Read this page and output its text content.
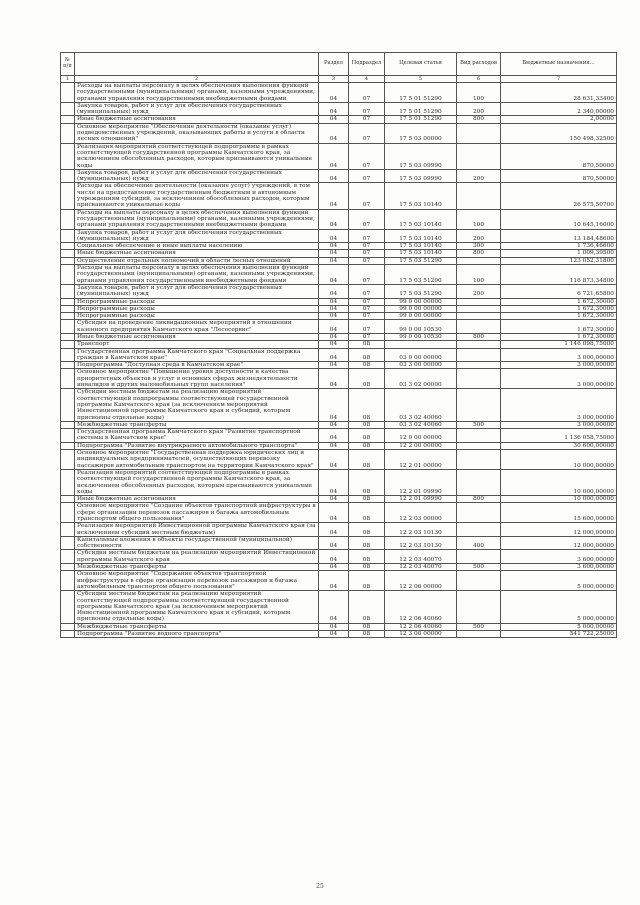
№ п/п		Раздел	Подраздел	Целевая статья	Вид расходов	Бюджетные назначения…
1	2	3	4	5	6	7
	Расходы на выплаты персоналу в целях обеспечения выполнения функций государственными (муниципальными) органами, казенными учреждениями, органами управления государственными внебюджетными фондами	04	07	17 5 01 51290	100	28 631,33400
	Закупка товаров, работ и услуг для обеспечения государственных (муниципальных) нужд	04	07	17 5 01 51290	200	2 340,00000
	Иные бюджетные ассигнования	04	07	17 5 01 51290	800	2,00000
	Основное мероприятие "Обеспечение деятельности (оказание услуг) подведомственных учреждений, оказывающих работы и услуги в области лесных отношений"	04	07	17 5 03 00000		150 498,32500
	Реализация мероприятий соответствующей подпрограммы в рамках соответствующей государственной программы Камчатского края, за исключением обособленных расходов, которым присваиваются уникальные коды	04	07	17 5 03 09990		870,50000
	Закупка товаров, работ и услуг для обеспечения государственных (муниципальных) нужд	04	07	17 5 03 09990	200	870,50000
	Расходы на обеспечение деятельности (оказание услуг) учреждений, в том числе на предоставление государственным бюджетным и автономным учреждениям субсидий, за исключением обособленных расходов, которым присваиваются уникальные коды	04	07	17 5 03 10140		26 575,50700
	Расходы на выплаты персоналу в целях обеспечения выполнения функций государственными (муниципальными) органами, казенными учреждениями, органами управления государственными внебюджетными фондами	04	07	17 5 03 10140	100	10 645,16000
	Закупка товаров, работ и услуг для обеспечения государственных (муниципальных) нужд	04	07	17 5 03 10140	200	13 184,48600
	Социальное обеспечение и иные выплаты населению	04	07	17 5 03 10140	300	1 736,46600
	Иные бюджетные ассигнования	04	07	17 5 03 10140	800	1 009,39500
	Осуществление отдельных полномочий в области лесных отношений	04	07	17 5 03 51290		123 052,31800
	Расходы на выплаты персоналу в целях обеспечения выполнения функций государственными (муниципальными) органами, казенными учреждениями, органами управления государственными внебюджетными фондами	04	07	17 5 03 51290	100	116 873,34800
	Закупка товаров, работ и услуг для обеспечения государственных (муниципальных) нужд	04	07	17 5 03 51290	200	6 721,65800
	Непрограммные расходы	04	07	99 0 00 00000		1 672,30000
	Непрограммные расходы	04	07	99 0 00 00000		1 672,30000
	Непрограммные расходы	04	07	99 0 00 00000		1 672,30000
	Субсидия на проведение ликвидационных мероприятий в отношении казенного предприятия Камчатского края "Лесосервис"	04	07	99 0 00 10530		1 672,30000
	Иные бюджетные ассигнования	04	07	99 0 00 10530	800	1 672,30000
	Транспорт	04	08			1 146 098,75000
	Государственная программа Камчатского края "Социальная поддержка граждан в Камчатском крае"	04	08	03 0 00 00000		3 000,00000
	Подпрограмма "Доступная среда в Камчатском крае"	04	08	03 3 00 00000		3 000,00000
	Основное мероприятие "Повышение уровня доступности и качества приоритетных объектов и услуг в основных сферах жизнедеятельности инвалидов и других маломобильных групп населения"	04	08	03 3 02 00000		3 000,00000
	Субсидии местным бюджетам на реализацию мероприятий соответствующей подпрограммы соответствующей государственной программы Камчатского края (за исключением мероприятий Инвестиционной программы Камчатского края и субсидий, которым присвоены отдельные коды)	04	08	03 3 02 40060		3 000,00000
	Межбюджетные трансферты	04	08	03 3 02 40060	500	3 000,00000
	Государственная программа Камчатского края "Развитие транспортной системы в Камчатском крае"	04	08	12 0 00 00000		1 136 058,75000
	Подпрограмма "Развитие внутрикраевого автомобильного транспорта"	04	08	12 2 00 00000		30 600,00000
	Основное мероприятие "Государственная поддержка юридических лиц и индивидуальных предпринимателей, осуществляющих перевозку пассажиров автомобильным транспортом на территории Камчатского края"	04	08	12 2 01 00000		10 000,00000
	Реализация мероприятий соответствующей подпрограммы в рамках соответствующей государственной программы Камчатского края, за исключением обособленных расходов, которым присваиваются уникальные коды	04	08	12 2 01 09990		10 000,00000
	Иные бюджетные ассигнования	04	08	12 2 01 09990	800	10 000,00000
	Основное мероприятие "Создание объектов транспортной инфраструктуры в сфере организации перевозок пассажиров и багажа автомобильным транспортом общего пользования"	04	08	12 2 03 00000		15 600,00000
	Реализация мероприятий Инвестиционной программы Камчатского края (за исключением субсидий местным бюджетам)	04	08	12 2 03 10130		12 000,00000
	Капитальные вложения в объекты государственной (муниципальной) собственности	04	08	12 2 03 10130	400	12 000,00000
	Субсидии местным бюджетам на реализацию мероприятий Инвестиционной программы Камчатского края	04	08	12 2 03 40070		3 600,00000
	Межбюджетные трансферты	04	08	12 2 03 40070	500	3 600,00000
	Основное мероприятие "Содержание объектов транспортной инфраструктуры в сфере организации перевозок пассажиров и багажа автомобильным транспортом общего пользования"	04	08	12 2 06 00000		5 000,00000
	Субсидии местным бюджетам на реализацию мероприятий соответствующей подпрограммы соответствующей государственной программы Камчатского края (за исключением мероприятий Инвестиционной программы Камчатского края и субсидий, которым присвоены отдельные коды)	04	08	12 2 06 40060		5 000,00000
	Межбюджетные трансферты	04	08	12 2 06 40060	500	5 000,00000
	Подпрограмма "Развитие водного транспорта"	04	08	12 3 00 00000		541 722,25000
25
